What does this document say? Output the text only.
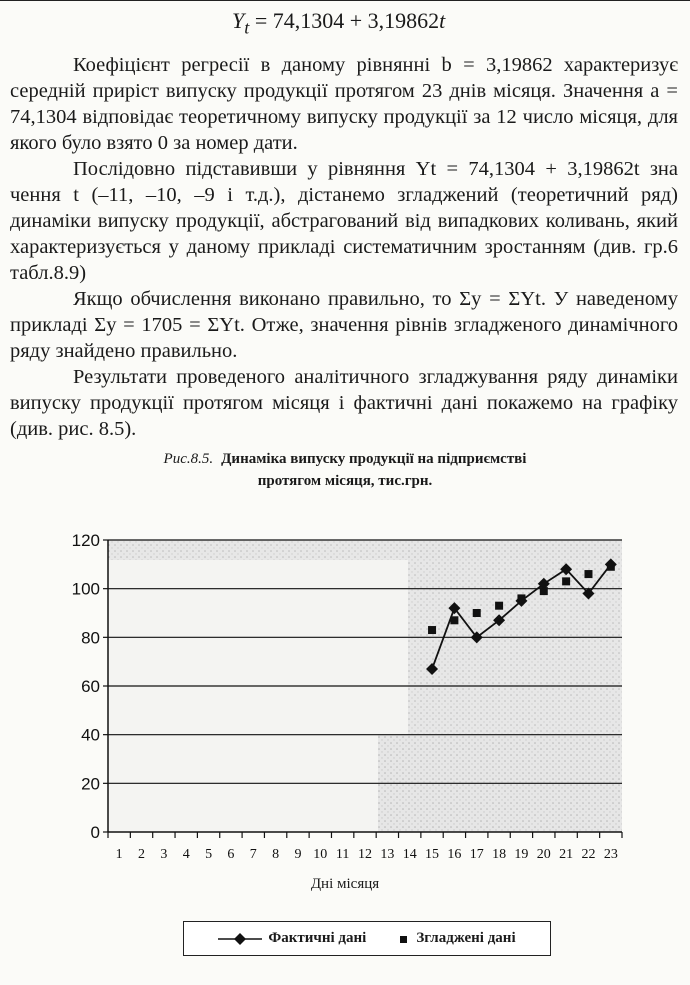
$Y_t = 74,1304 + 3,19862t$

Коефіцієнт регресії в даному рівнянні b = 3,19862 характеризує середній приріст випуску продукції протягом 23 днів місяця. Значення a = 74,1304 відповідає теоретичному випуску продукції за 12 число місяця, для якого було взято 0 за номер дати.

Послідовно підставивши у рівняння Yt = 74,1304 + 3,19862t зна чення t (–11, –10, –9 і т.д.), дістанемо згладжений (теоретичний ряд) динаміки випуску продукції, абстрагований від випадкових коливань, який характеризується у даному прикладі систематичним зростанням (див. гр.6 табл.8.9)

Якщо обчислення виконано правильно, то Σy = ΣYt. У наведеному прикладі Σy = 1705 = ΣYt. Отже, значення рівнів згладженого динамічного ряду знайдено правильно.

Результати проведеного аналітичного згладжування ряду динаміки випуску продукції протягом місяця і фактичні дані покажемо на графіку (див. рис. 8.5).

Рис.8.5. Динаміка випуску продукції на підприємстві
протягом місяця, тис.грн.
0
20
40
60
80
100
120
1 2 3 4 5 6 7 8 9 10 11 12 13 14 15 16 17 18 19 20 21 22 23
Дні місяця
Фактичні дані	Згладжені дані
